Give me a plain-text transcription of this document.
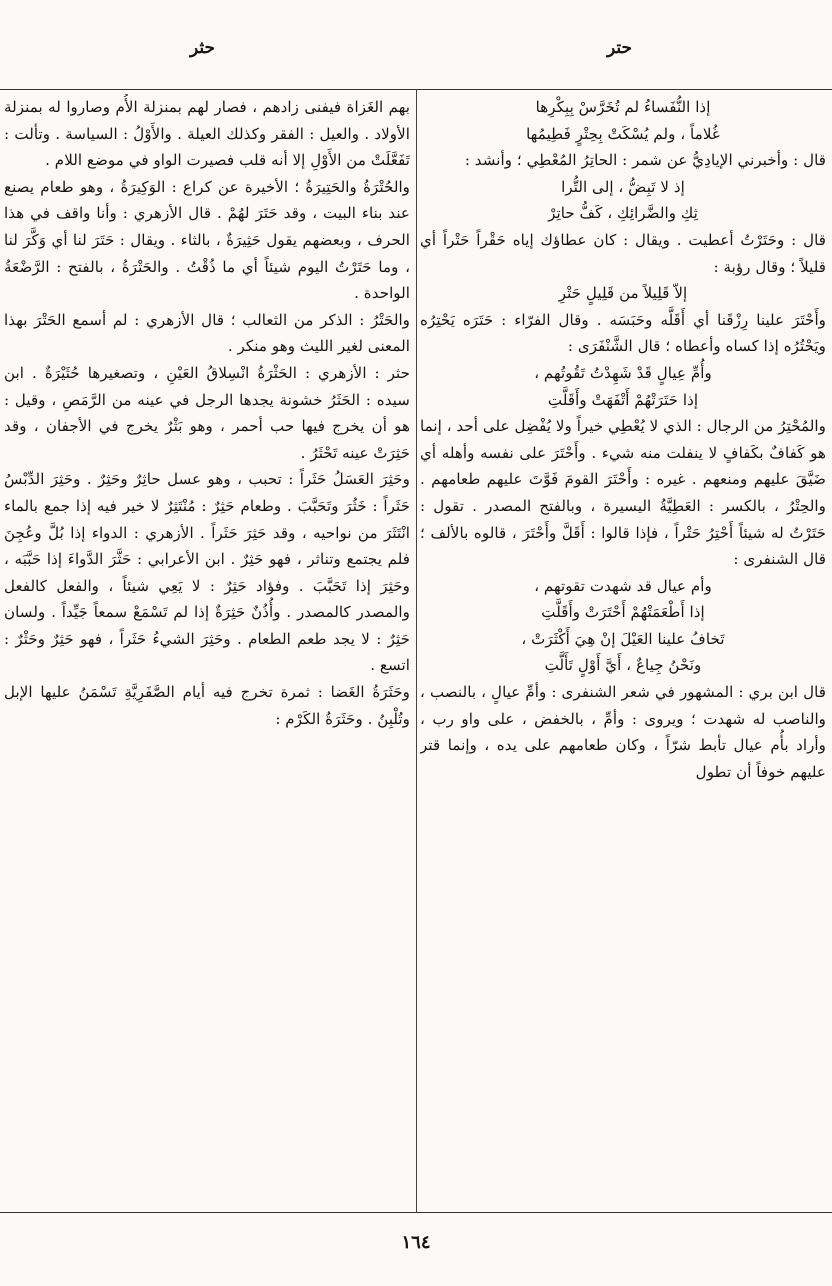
حتر
حثر

إذا النُّفَساءُ لم تُخَرَّسْ بِبِكْرِها

غُلاماً ، ولم يُسْكَتْ بِحِتْرٍ فَطِيمُها

قال : وأخبرني الإيادِيُّ عن شمر : الحاتِرُ المُعْطِي ؛ وأنشد :

إذ لا تَبِضُّ ، إلى التُّرا

ثِكِ والضَّرائِكِ ، كَفُّ حاتِرْ

قال : وحَتَرْتُ أعطيت . ويقال : كان عطاؤك إياه حَقْراً حَتْراً أي قليلاً ؛ وقال رؤبة :

إلاّ قَلِيلاً من قَلِيلٍ حَتْرِ

وأَحْتَرَ علينا رِزْقَنا أي أَقَلَّه وحَبَسَه . وقال الفرّاء : حَتَرَه يَحْتِرُه ويَحْتُرُه إذا كساه وأعطاه ؛ قال الشَّنْفَرَى :

وأُمِّ عِيالٍ قَدْ شَهِدْتُ تَقُوتُهم ،

إذا حَتَرَتْهُمْ أَتْفَهَتْ وأَقَلَّتِ

والمُحْتِرُ من الرجال : الذي لا يُعْطِي خيراً ولا يُفْضِل على أحد ، إنما هو كَفافٌ بكَفافٍ لا ينفلت منه شيء . وأَحْتَرَ على نفسه وأهله أي ضَيَّقَ عليهم ومنعهم . غيره : وأَحْتَرَ القومَ فَوَّتَ عليهم طعامهم . والحِتْرُ ، بالكسر : العَطِيَّةُ اليسيرة ، وبالفتح المصدر . تقول : حَتَرْتُ له شيئاً أَحْتِرُ حَتْراً ، فإذا قالوا : أَقَلَّ وأَحْتَرَ ، قالوه بالألف ؛ قال الشنفرى :

وأم عيال قد شهدت تقوتهم ،

إذا أَطْعَمَتْهُمْ أَحْتَرَتْ وأَقَلَّتِ

تَخافُ علينا العَيْلَ إنْ هِيَ أَكْثَرَتْ ،

ونَحْنُ جِياعٌ ، أَيَّ أَوْلٍ تَأَلَّتِ

قال ابن بري : المشهور في شعر الشنفرى : وأمِّ عيالٍ ، بالنصب ، والناصب له شهدت ؛ ويروى : وأمِّ ، بالخفض ، على واو رب ، وأراد بأُم عيال تأبط شرّاً ، وكان طعامهم على يده ، وإنما قتر عليهم خوفاً أن تطول

بهم الغَزاة فيفنى زادهم ، فصار لهم بمنزلة الأُم وصاروا له بمنزلة الأولاد . والعيل : الفقر وكذلك العيلة . والأَوْلُ : السياسة . وتألت : تَفَعَّلَتْ من الأَوْلِ إلا أنه قلب فصيرت الواو في موضع اللام .

والحُتْرَةُ والحَتِيرَةُ ؛ الأخيرة عن كراع : الوَكِيرَةُ ، وهو طعام يصنع عند بناء البيت ، وقد حَتَرَ لهُمْ . قال الأزهري : وأنا واقف في هذا الحرف ، وبعضهم يقول حَثِيرَةٌ ، بالثاء . ويقال : حَتَرَ لنا أي وَكَّرَ لنا ، وما حَتَرْتُ اليوم شيئاً أي ما ذُقْتُ . والحَتْرَةُ ، بالفتح : الرَّضْعَةُ الواحدة .

والحَتْرُ : الذكر من الثعالب ؛ قال الأزهري : لم أسمع الحَتْرَ بهذا المعنى لغير الليث وهو منكر .

حثر : الأزهري : الحَثْرَةُ انْسِلاقُ العَيْنِ ، وتصغيرها حُثَيْرَةٌ . ابن سيده : الحَثَرُ خشونة يجدها الرجل في عينه من الرَّمَصِ ، وقيل : هو أن يخرج فيها حب أحمر ، وهو بَثْرٌ يخرج في الأجفان ، وقد حَثِرَتْ عينه تَحْثَرُ .

وحَثِرَ العَسَلُ حَثَراً : تحبب ، وهو عسل حاثِرٌ وحَثِرٌ . وحَثِرَ الدِّبْسُ حَثَراً : خَثُرَ وتَحَبَّبَ . وطعام حَثِرٌ : مُنْتَثِرٌ لا خير فيه إذا جمع بالماء انْتَثَرَ من نواحيه ، وقد حَثِرَ حَثَراً . الأزهري : الدواء إذا بُلَّ وعُجِنَ فلم يجتمع وتناثر ، فهو حَثِرٌ . ابن الأعرابي : حَثَّرَ الدَّواءَ إذا حَبَّبَه ، وحَثِرَ إذا تَحَبَّبَ . وفؤاد حَثِرٌ : لا يَعِي شيئاً ، والفعل كالفعل والمصدر كالمصدر . وأُذُنٌ حَثِرَةٌ إذا لم تَسْمَعْ سمعاً جَيِّداً . ولسان حَثِرٌ : لا يجد طعم الطعام . وحَثِرَ الشيءُ حَثَراً ، فهو حَثِرٌ وحَثْرٌ : اتسع .

وحَثَرَةُ الغَضا : ثمرة تخرج فيه أيام الصَّفَرِيَّةِ تَسْمَنُ عليها الإبل وتُلْبِنُ . وحَثَرَةُ الكَرْم :

١٦٤
